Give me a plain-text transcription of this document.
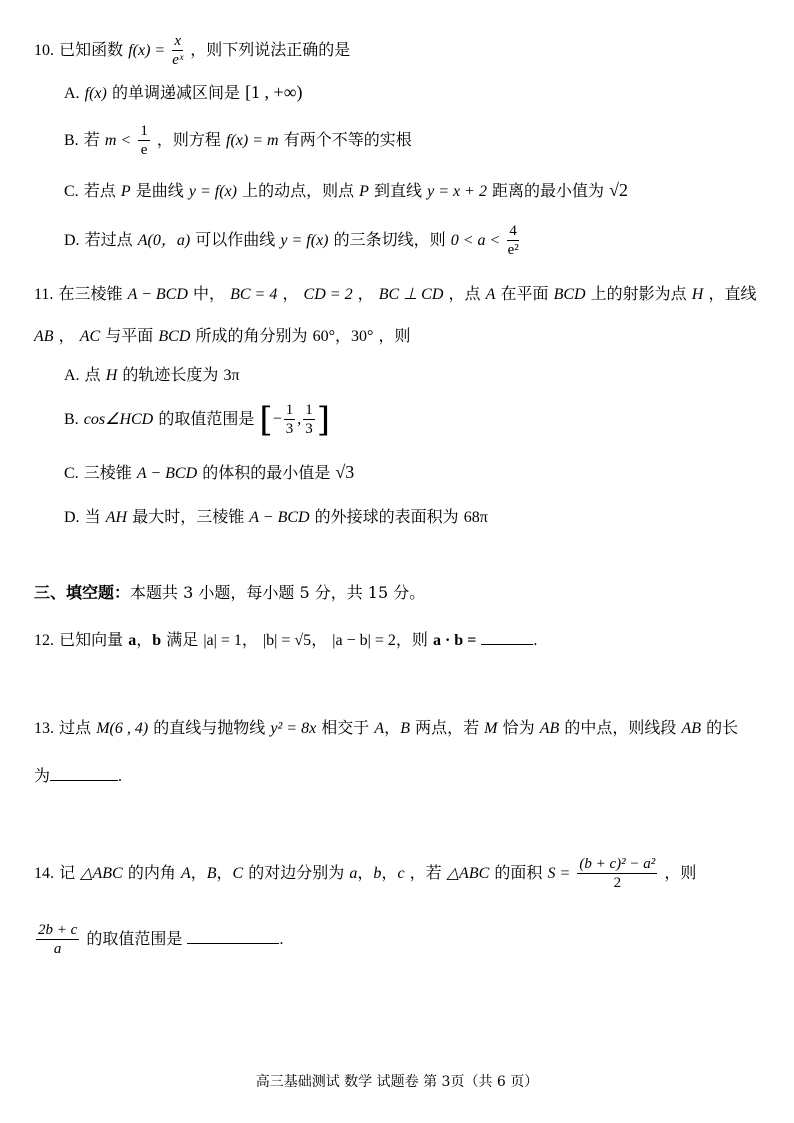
10. 已知函数 $f(x) = \frac{x}{\text{eˣ}}$ ，则下列说法正确的是
A. f(x) 的单调递减区间是 [1 , +∞)
B. 若 $m < \frac{1}{e}$ ，则方程 f(x) = m 有两个不等的实根
C. 若点 P 是曲线 y = f(x) 上的动点，则点 P 到直线 y = x + 2 距离的最小值为 √2
D. 若过点 A(0，a) 可以作曲线 y = f(x) 的三条切线，则 $0 < a < \frac{4}{\text{e²}}$
11. 在三棱锥 A − BCD 中， BC = 4 ， CD = 2 ， BC ⊥ CD ，点 A 在平面 BCD 上的射影为点 H ，直线
AB ， AC 与平面 BCD 所成的角分别为 60°，30° ，则
A. 点 H 的轨迹长度为 3π
B. cos∠HCD 的取值范围是 [− $\frac{1}{3}$ , $\frac{1}{3}$ ]
C. 三棱锥 A − BCD 的体积的最小值是 √3
D. 当 AH 最大时，三棱锥 A − BCD 的外接球的表面积为 68π
三、填空题：本题共 3 小题，每小题 5 分，共 15 分。
12. 已知向量 a，b 满足 |a| = 1， |b| = √5， |a − b| = 2，则 a · b =	.
13. 过点 M(6 , 4) 的直线与抛物线 y² = 8x 相交于 A，B 两点，若 M 恰为 AB 的中点，则线段 AB 的长
为	.
14. 记 △ABC 的内角 A，B，C 的对边分别为 a，b，c ，若 △ABC 的面积 $S = \frac{\text{(b + c)² − a²}}{2}$ ，则
$\frac{2b + c}{a}$ 的取值范围是	.
高三基础测试 数学 试题卷 第 3页（共 6 页）
